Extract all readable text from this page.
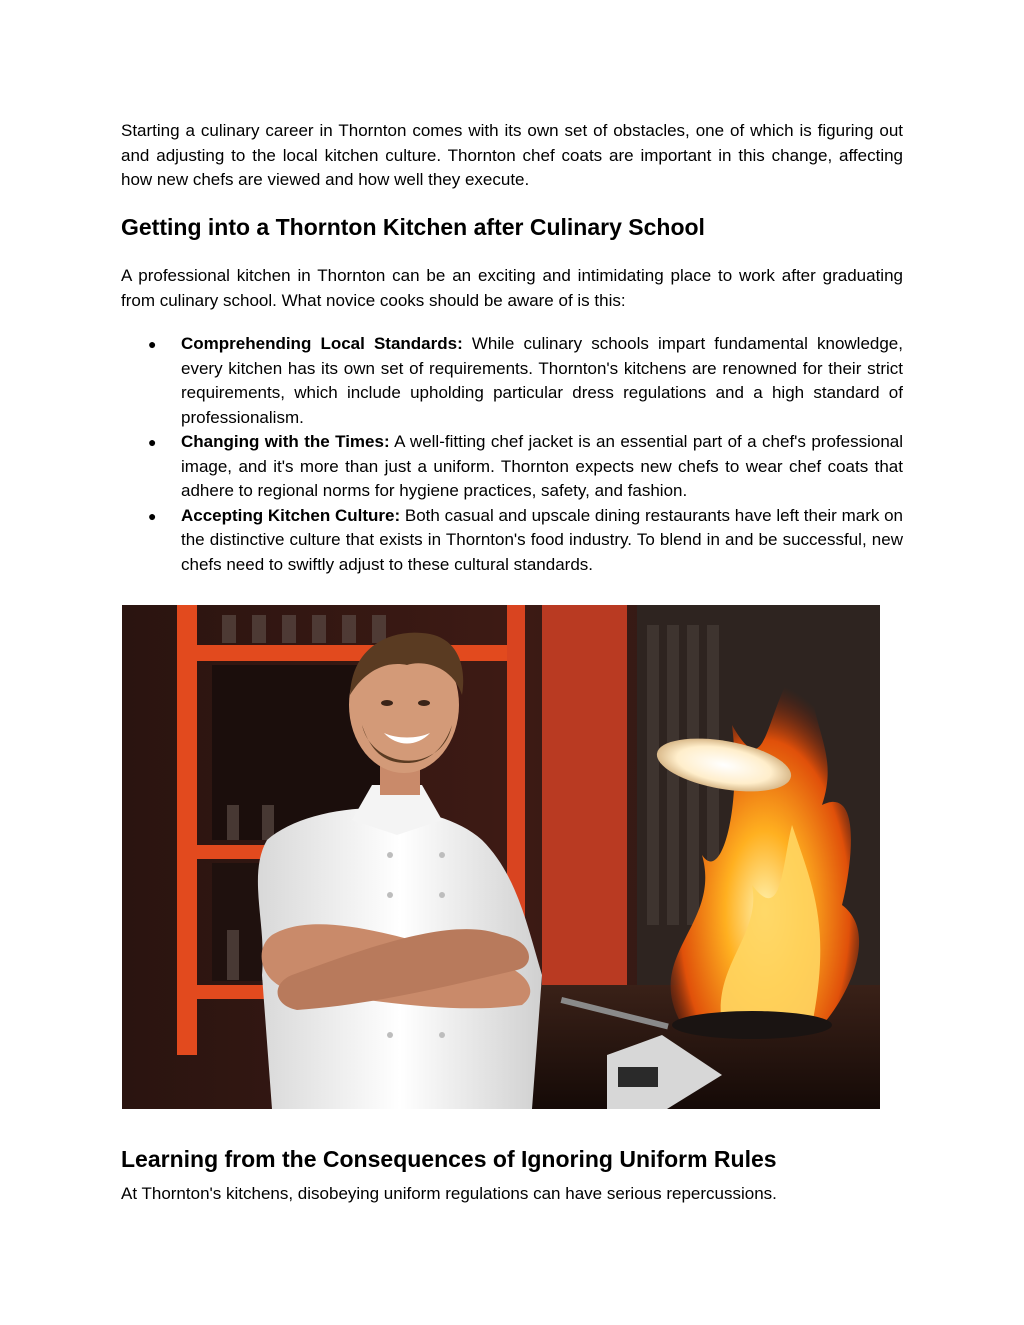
Starting a culinary career in Thornton comes with its own set of obstacles, one of which is figuring out and adjusting to the local kitchen culture. Thornton chef coats are important in this change, affecting how new chefs are viewed and how well they execute.

Getting into a Thornton Kitchen after Culinary School

A professional kitchen in Thornton can be an exciting and intimidating place to work after graduating from culinary school. What novice cooks should be aware of is this:

● Comprehending Local Standards: While culinary schools impart fundamental knowledge, every kitchen has its own set of requirements. Thornton's kitchens are renowned for their strict requirements, which include upholding particular dress regulations and a high standard of professionalism.
● Changing with the Times: A well-fitting chef jacket is an essential part of a chef's professional image, and it's more than just a uniform. Thornton expects new chefs to wear chef coats that adhere to regional norms for hygiene practices, safety, and fashion.
● Accepting Kitchen Culture: Both casual and upscale dining restaurants have left their mark on the distinctive culture that exists in Thornton's food industry. To blend in and be successful, new chefs need to swiftly adjust to these cultural standards.
Learning from the Consequences of Ignoring Uniform Rules

At Thornton's kitchens, disobeying uniform regulations can have serious repercussions.
